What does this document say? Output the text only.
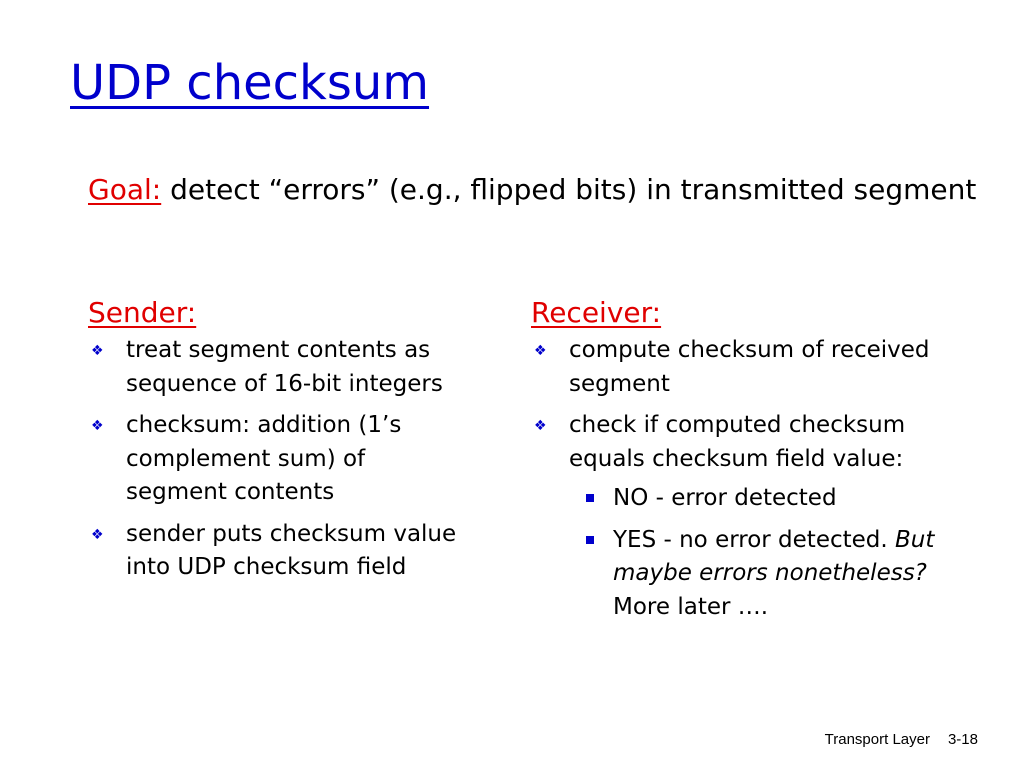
UDP checksum
Goal: detect “errors” (e.g., flipped bits) in transmitted segment
Sender:
❖ treat segment contents as sequence of 16-bit integers
❖ checksum: addition (1’s complement sum) of segment contents
❖ sender puts checksum value into UDP checksum field
Receiver:
❖ compute checksum of received segment
❖ check if computed checksum equals checksum field value:
NO - error detected
YES - no error detected. But maybe errors nonetheless? More later ….
Transport Layer 3-18
